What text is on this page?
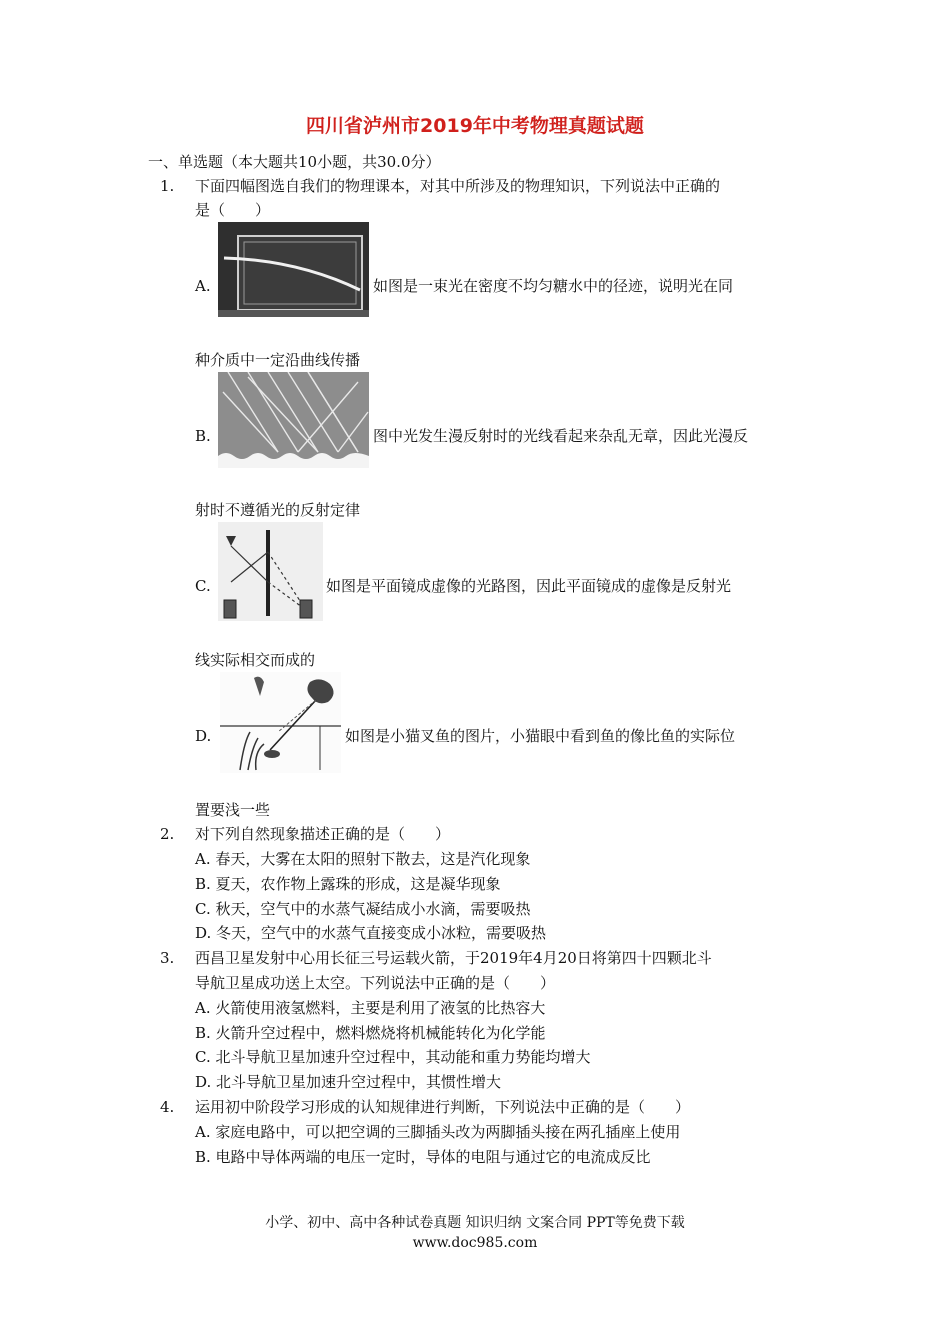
四川省泸州市2019年中考物理真题试题
一、单选题（本大题共10小题，共30.0分）
1. 下面四幅图选自我们的物理课本，对其中所涉及的物理知识，下列说法中正确的
是（　　）
A.	如图是一束光在密度不均匀糖水中的径迹，说明光在同
种介质中一定沿曲线传播
B.	图中光发生漫反射时的光线看起来杂乱无章，因此光漫反
射时不遵循光的反射定律
C.	如图是平面镜成虚像的光路图，因此平面镜成的虚像是反射光
线实际相交而成的
D.	如图是小猫叉鱼的图片，小猫眼中看到鱼的像比鱼的实际位
置要浅一些
2. 对下列自然现象描述正确的是（　　）
A. 春天，大雾在太阳的照射下散去，这是汽化现象
B. 夏天，农作物上露珠的形成，这是凝华现象
C. 秋天，空气中的水蒸气凝结成小水滴，需要吸热
D. 冬天，空气中的水蒸气直接变成小冰粒，需要吸热
3. 西昌卫星发射中心用长征三号运载火箭，于2019年4月20日将第四十四颗北斗
导航卫星成功送上太空。下列说法中正确的是（　　）
A. 火箭使用液氢燃料，主要是利用了液氢的比热容大
B. 火箭升空过程中，燃料燃烧将机械能转化为化学能
C. 北斗导航卫星加速升空过程中，其动能和重力势能均增大
D. 北斗导航卫星加速升空过程中，其惯性增大
4. 运用初中阶段学习形成的认知规律进行判断，下列说法中正确的是（　　）
A. 家庭电路中，可以把空调的三脚插头改为两脚插头接在两孔插座上使用
B. 电路中导体两端的电压一定时，导体的电阻与通过它的电流成反比
小学、初中、高中各种试卷真题 知识归纳 文案合同 PPT等免费下载
www.doc985.com
